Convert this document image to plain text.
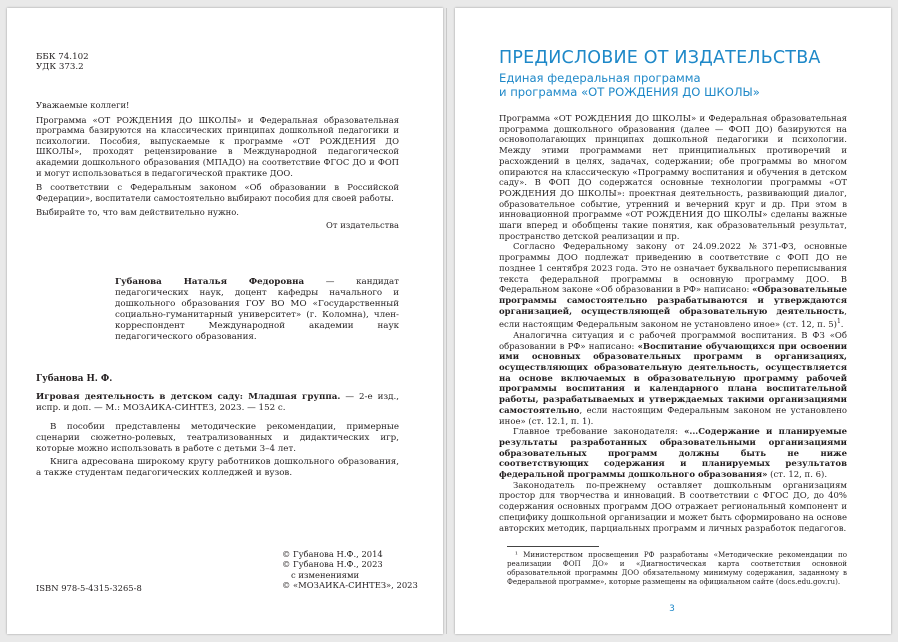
ББК 74.102
УДК 373.2

Уважаемые коллеги!

Программа «ОТ РОЖДЕНИЯ ДО ШКОЛЫ» и Федеральная образовательная программа базируются на классических принципах дошкольной педагогики и психологии. Пособия, выпускаемые к программе «ОТ РОЖДЕНИЯ ДО ШКОЛЫ», проходят рецензирование в Международной педагогической академии дошкольного образования (МПАДО) на соответствие ФГОС ДО и ФОП и могут использоваться в педагогической практике ДОО.

В соответствии с Федеральным законом «Об образовании в Российской Федерации», воспитатели самостоятельно выбирают пособия для своей работы.

Выбирайте то, что вам действительно нужно.

От издательства

Губанова Наталья Федоровна — кандидат педагогических наук, доцент кафедры начального и дошкольного образования ГОУ ВО МО «Государственный социально-гуманитарный университет» (г. Коломна), член-корреспондент Международной академии наук педагогического образования.

Губанова Н. Ф.

Игровая деятельность в детском саду: Младшая группа. — 2-е изд., испр. и доп. — М.: МОЗАИКА-СИНТЕЗ, 2023. — 152 с.

В пособии представлены методические рекомендации, примерные сценарии сюжетно-ролевых, театрализованных и дидактических игр, которые можно использовать в работе с детьми 3–4 лет.

Книга адресована широкому кругу работников дошкольного образования, а также студентам педагогических колледжей и вузов.

© Губанова Н.Ф., 2014
© Губанова Н.Ф., 2023
с изменениями
© «МОЗАИКА-СИНТЕЗ», 2023
ISBN 978-5-4315-3265-8
ПРЕДИСЛОВИЕ ОТ ИЗДАТЕЛЬСТВА
Единая федеральная программа
и программа «ОТ РОЖДЕНИЯ ДО ШКОЛЫ»

Программа «ОТ РОЖДЕНИЯ ДО ШКОЛЫ» и Федеральная образовательная программа дошкольного образования (далее — ФОП ДО) базируются на основополагающих принципах дошкольной педагогики и психологии. Между этими программами нет принципиальных противоречий и расхождений в целях, задачах, содержании; обе программы во многом опираются на классическую «Программу воспитания и обучения в детском саду». В ФОП ДО содержатся основные технологии программы «ОТ РОЖДЕНИЯ ДО ШКОЛЫ»: проектная деятельность, развивающий диалог, образовательное событие, утренний и вечерний круг и др. При этом в инновационной программе «ОТ РОЖДЕНИЯ ДО ШКОЛЫ» сделаны важные шаги вперед и обобщены такие понятия, как образовательный результат, пространство детской реализации и пр.

Согласно Федеральному закону от 24.09.2022 №371-ФЗ, основные программы ДОО подлежат приведению в соответствие с ФОП ДО не позднее 1 сентября 2023 года. Это не означает буквального переписывания текста федеральной программы в основную программу ДОО. В Федеральном законе «Об образовании в РФ» написано: «Образовательные программы самостоятельно разрабатываются и утверждаются организацией, осуществляющей образовательную деятельность, если настоящим Федеральным законом не установлено иное» (ст. 12, п. 5)$^1$.

Аналогична ситуация и с рабочей программой воспитания. В ФЗ «Об образовании в РФ» написано: «Воспитание обучающихся при освоении ими основных образовательных программ в организациях, осуществляющих образовательную деятельность, осуществляется на основе включаемых в образовательную программу рабочей программы воспитания и календарного плана воспитательной работы, разрабатываемых и утверждаемых такими организациями самостоятельно, если настоящим Федеральным законом не установлено иное» (ст. 12.1, п. 1).

Главное требование законодателя: «...Содержание и планируемые результаты разработанных образовательными организациями образовательных программ должны быть не ниже соответствующих содержания и планируемых результатов федеральной программы дошкольного образования» (ст. 12, п. 6).

Законодатель по-прежнему оставляет дошкольным организациям простор для творчества и инноваций. В соответствии с ФГОС ДО, до 40% содержания основных программ ДОО отражает региональный компонент и специфику дошкольной организации и может быть сформировано на основе авторских методик, парциальных программ и личных разработок педагогов.

¹ Министерством просвещения РФ разработаны «Методические рекомендации по реализации ФОП ДО» и «Диагностическая карта соответствия основной образовательной программы ДОО обязательному минимуму содержания, заданному в Федеральной программе», которые размещены на официальном сайте (docs.edu.gov.ru).
3
